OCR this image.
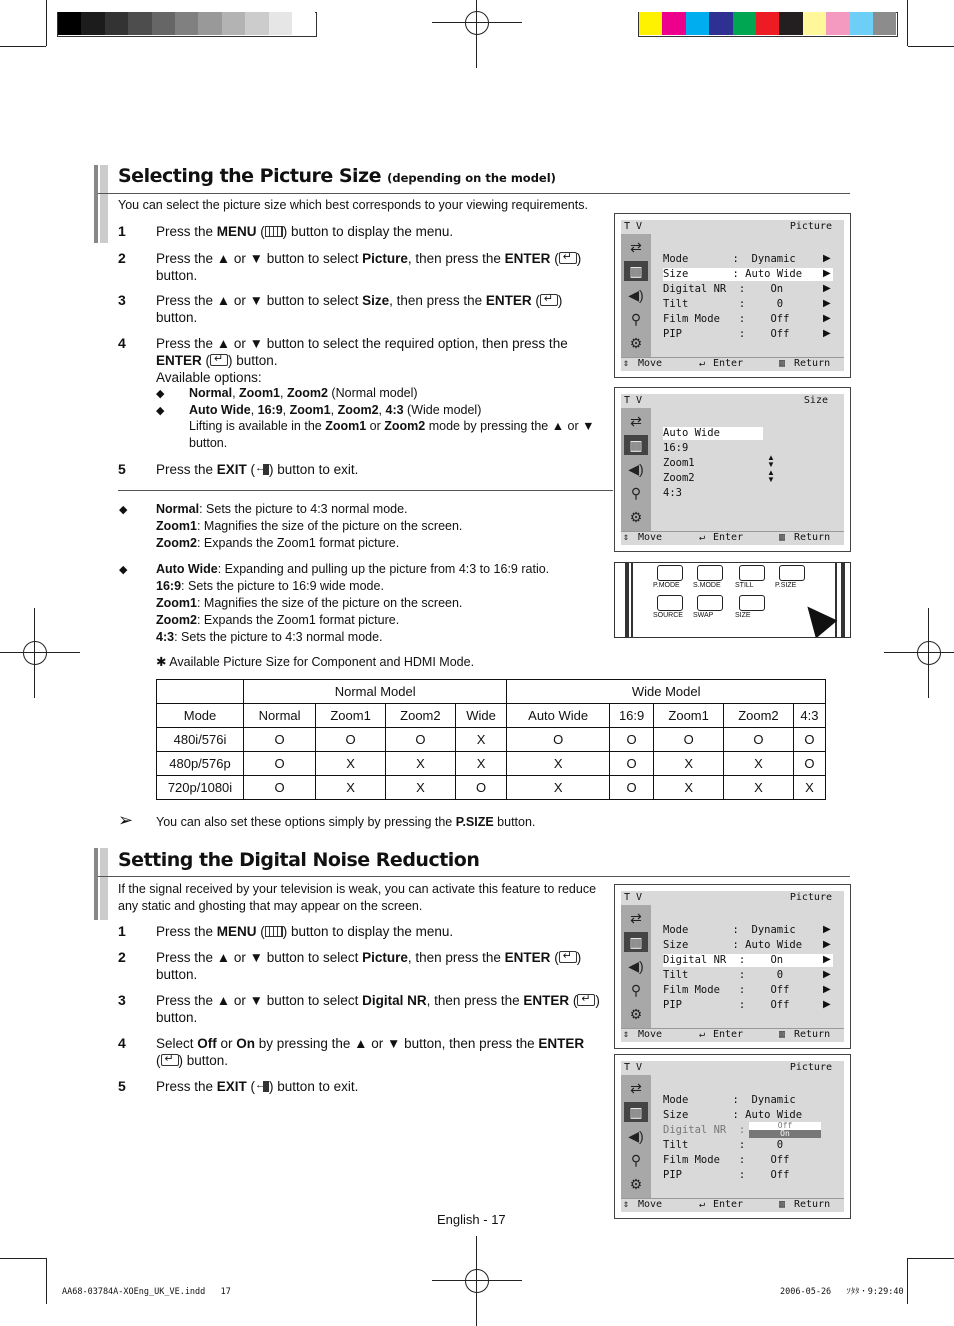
Selecting the Picture Size (depending on the model)
You can select the picture size which best corresponds to your viewing requirements.
1 Press the MENU ( ) button to display the menu.
2 Press the ▲ or ▼ button to select Picture, then press the ENTER ( ↵ )
button.
3 Press the ▲ or ▼ button to select Size, then press the ENTER ( ↵ )
button.
4 Press the ▲ or ▼ button to select the required option, then press the
ENTER ( ↵ ) button.
Available options:
◆ Normal, Zoom1, Zoom2 (Normal model)
◆ Auto Wide, 16:9, Zoom1, Zoom2, 4:3 (Wide model)
Lifting is available in the Zoom1 or Zoom2 mode by pressing the ▲ or ▼
button.
5 Press the EXIT ( ← ) button to exit.
◆ Normal: Sets the picture to 4:3 normal mode.
Zoom1: Magnifies the size of the picture on the screen.
Zoom2: Expands the Zoom1 format picture.
◆ Auto Wide: Expanding and pulling up the picture from 4:3 to 16:9 ratio.
16:9: Sets the picture to 16:9 wide mode.
Zoom1: Magnifies the size of the picture on the screen.
Zoom2: Expands the Zoom1 format picture.
4:3: Sets the picture to 4:3 normal mode.
✱ Available Picture Size for Component and HDMI Mode.
	Normal Model				Wide Model				
Mode	Normal	Zoom1	Zoom2	Wide	Auto Wide	16:9	Zoom1	Zoom2	4:3
480i/576i	O	O	O	X	O	O	O	O	O
480p/576p	O	X	X	X	X	O	X	X	O
720p/1080i	O	X	X	O	X	O	X	X	X
➢ You can also set these options simply by pressing the P.SIZE button.
T V	Picture
⇄
▥
◀)
⚲
⚙
Mode       :  Dynamic
Size       : Auto Wide
Digital NR  :    On
Tilt        :     0
Film Mode   :    Off
PIP         :    Off
▶
▶
▶
▶
▶
▶
⇕ Move	↵ Enter	▥ Return
T V	Size
⇄
▥
◀)
⚲
⚙
Auto Wide
16:9
Zoom1
Zoom2
4:3
▲
▼
▲
▼
⇕ Move	↵ Enter	▥ Return
P.MODE S.MODE STILL	P.SIZE
SOURCE SWAP	SIZE
Setting the Digital Noise Reduction
If the signal received by your television is weak, you can activate this feature to reduce
any static and ghosting that may appear on the screen.
1 Press the MENU ( ) button to display the menu.
2 Press the ▲ or ▼ button to select Picture, then press the ENTER ( ↵ )
button.
3 Press the ▲ or ▼ button to select Digital NR, then press the ENTER ( ↵ )
button.
4 Select Off or On by pressing the ▲ or ▼ button, then press the ENTER
( ↵ ) button.
5 Press the EXIT ( ← ) button to exit.
T V	Picture
⇄
▥
◀)
⚲
⚙
Mode       :  Dynamic
Size       : Auto Wide
Digital NR  :    On
Tilt        :     0
Film Mode   :    Off
PIP         :    Off
▶
▶
▶
▶
▶
▶
⇕ Move	↵ Enter	▥ Return
T V	Picture
⇄
▥
◀)
⚲
⚙
Mode       :  Dynamic
Size       : Auto Wide
Digital NR  :
Tilt        :     0
Film Mode   :    Off
PIP         :    Off
Off
On
⇕ Move	↵ Enter	▥ Return
English - 17
AA68-03784A-XOEng_UK_VE.indd   17	2006-05-26   ｿﾀﾀ・9:29:40
